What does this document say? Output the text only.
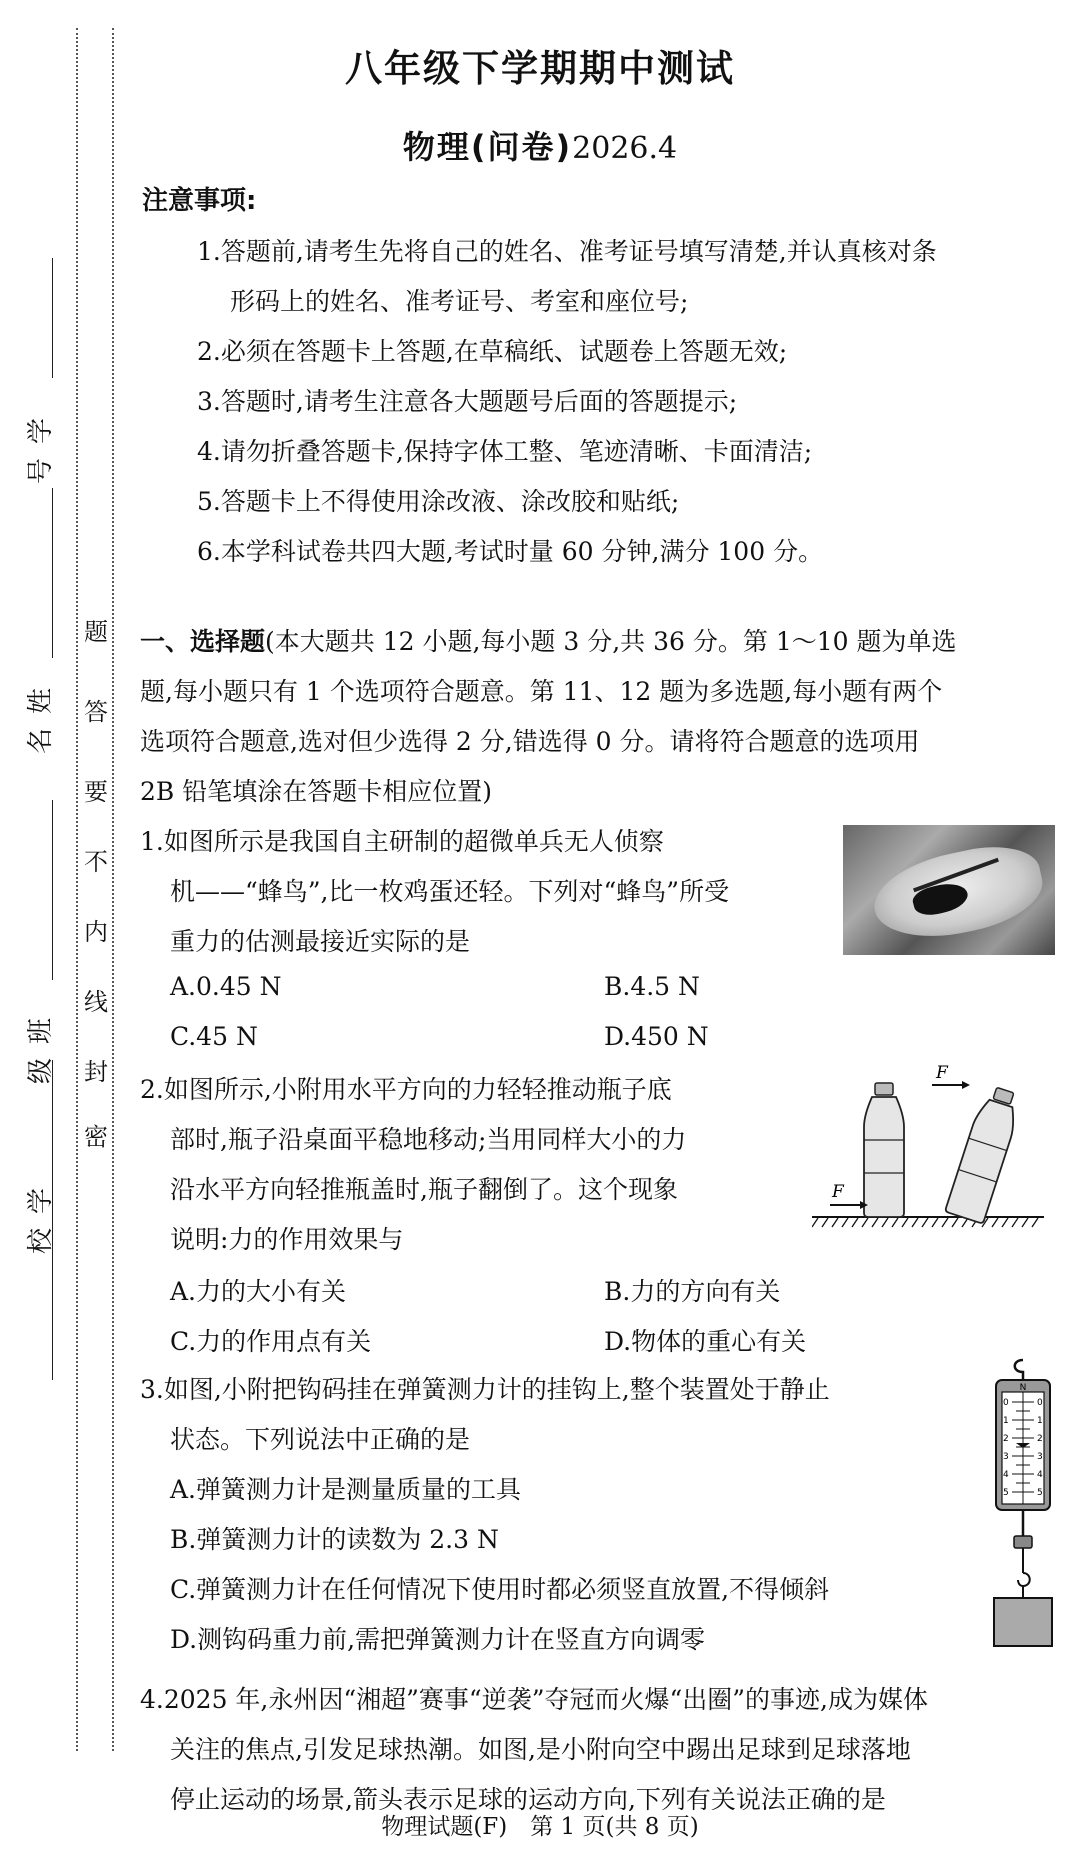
学
号
姓
名
班
级
学
校
密
封
线
内
不
要
答
题
八年级下学期期中测试
物理(问卷)2026.4
注意事项:
1.答题前,请考生先将自己的姓名、准考证号填写清楚,并认真核对条
形码上的姓名、准考证号、考室和座位号;
2.必须在答题卡上答题,在草稿纸、试题卷上答题无效;
3.答题时,请考生注意各大题题号后面的答题提示;
4.请勿折叠答题卡,保持字体工整、笔迹清晰、卡面清洁;
5.答题卡上不得使用涂改液、涂改胶和贴纸;
6.本学科试卷共四大题,考试时量 60 分钟,满分 100 分。
一、选择题(本大题共 12 小题,每小题 3 分,共 36 分。第 1～10 题为单选
题,每小题只有 1 个选项符合题意。第 11、12 题为多选题,每小题有两个
选项符合题意,选对但少选得 2 分,错选得 0 分。请将符合题意的选项用
2B 铅笔填涂在答题卡相应位置)
1.如图所示是我国自主研制的超微单兵无人侦察
机——“蜂鸟”,比一枚鸡蛋还轻。下列对“蜂鸟”所受
重力的估测最接近实际的是
A.0.45 N	B.4.5 N
C.45 N	D.450 N
2.如图所示,小附用水平方向的力轻轻推动瓶子底
部时,瓶子沿桌面平稳地移动;当用同样大小的力
沿水平方向轻推瓶盖时,瓶子翻倒了。这个现象
说明:力的作用效果与
A.力的大小有关	B.力的方向有关
C.力的作用点有关	D.物体的重心有关
F
F
3.如图,小附把钩码挂在弹簧测力计的挂钩上,整个装置处于静止
状态。下列说法中正确的是
A.弹簧测力计是测量质量的工具
B.弹簧测力计的读数为 2.3 N
C.弹簧测力计在任何情况下使用时都必须竖直放置,不得倾斜
D.测钩码重力前,需把弹簧测力计在竖直方向调零
N
0	0
1	1
2	2
3	3
4	4
5	5
4.2025 年,永州因“湘超”赛事“逆袭”夺冠而火爆“出圈”的事迹,成为媒体
关注的焦点,引发足球热潮。如图,是小附向空中踢出足球到足球落地
停止运动的场景,箭头表示足球的运动方向,下列有关说法正确的是
物理试题(F)　第 1 页(共 8 页)
